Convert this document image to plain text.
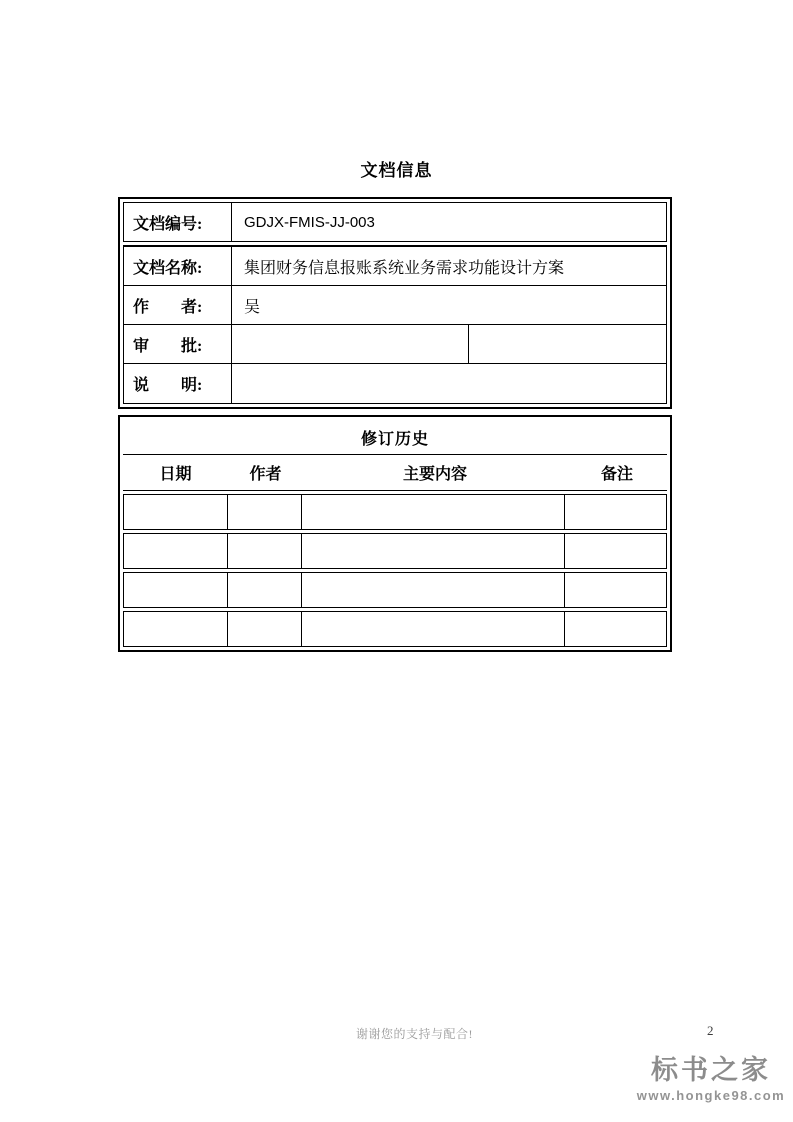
文档信息
文档编号:	GDJX-FMIS-JJ-003
文档名称:	集团财务信息报账系统业务需求功能设计方案
作　　者:	吴
审　　批:
说　　明:
修订历史
日期	作者	主要内容	备注
谢谢您的支持与配合!	2
标书之家
www.hongke98.com
